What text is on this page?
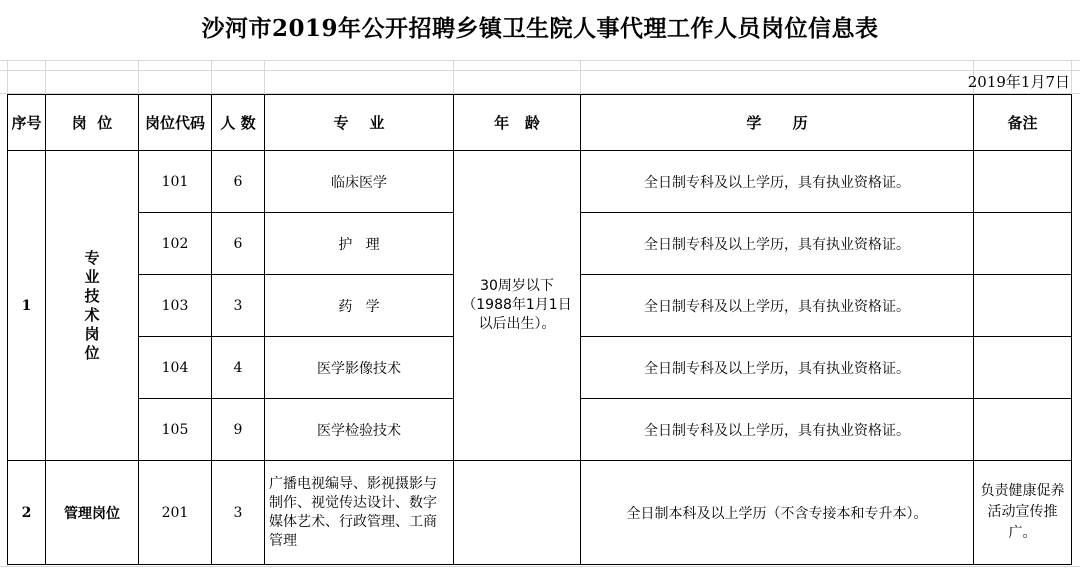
沙河市2019年公开招聘乡镇卫生院人事代理工作人员岗位信息表
2019年1月7日
序号	岗  位	岗位代码	人 数	专    业	年   龄	学      历	备注
1	专业技术岗位	101	6	临床医学	30周岁以下（1988年1月1日以后出生）。	全日制专科及以上学历，具有执业资格证。	
		102	6	护   理		全日制专科及以上学历，具有执业资格证。	
		103	3	药   学		全日制专科及以上学历，具有执业资格证。	
		104	4	医学影像技术		全日制专科及以上学历，具有执业资格证。	
		105	9	医学检验技术		全日制专科及以上学历，具有执业资格证。	
2	管理岗位	201	3	广播电视编导、影视摄影与制作、视觉传达设计、数字媒体艺术、行政管理、工商管理		全日制本科及以上学历（不含专接本和专升本）。	负责健康促养活动宣传推广。
